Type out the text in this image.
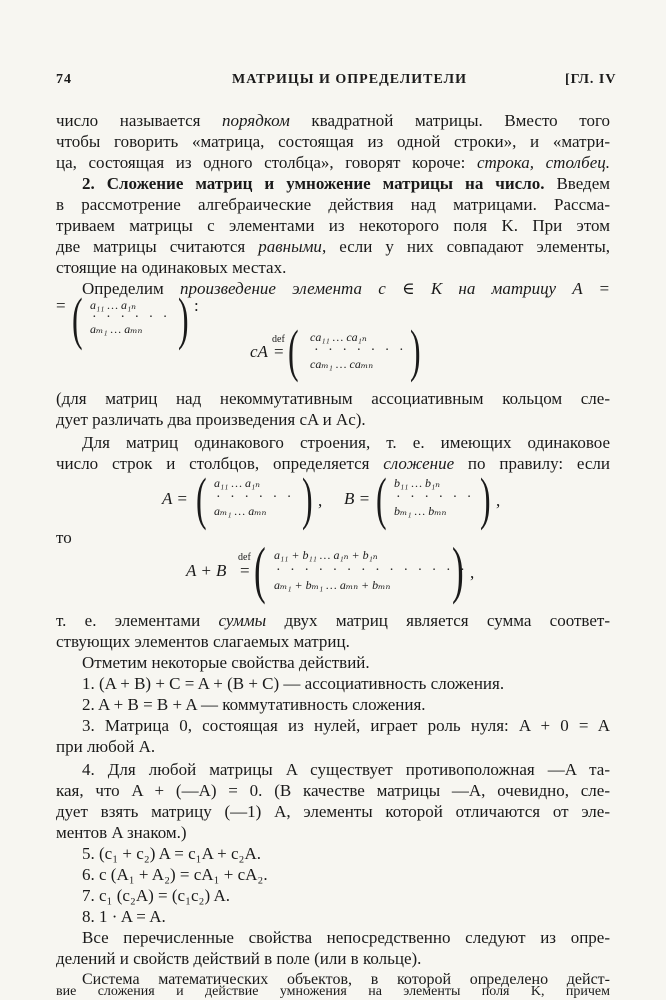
74	МАТРИЦЫ И ОПРЕДЕЛИТЕЛИ	[ГЛ. IV
число называется порядком квадратной матрицы. Вместо того
чтобы говорить «матрица, состоящая из одной строки», и «матри-
ца, состоящая из одного столбца», говорят короче: строка, столбец.
2. Сложение матриц и умножение матрицы на число. Введем
в рассмотрение алгебраические действия над матрицами. Рассма-
триваем матрицы с элементами из некоторого поля K. При этом
две матрицы считаются равными, если у них совпадают элементы,
стоящие на одинаковых местах.
Определим произведение элемента c ∈ K на матрицу A =
= ( a₁₁ … a₁ₙ
· · · · · ·
aₘ₁ … aₘₙ ) :
cA
def
= ( ca₁₁ … ca₁ₙ
· · · · · · ·
caₘ₁ … caₘₙ )
(для матриц над некоммутативным ассоциативным кольцом сле-
дует различать два произведения cA и Ac).
Для матриц одинакового строения, т. е. имеющих одинаковое
число строк и столбцов, определяется сложение по правилу: если
A = ( a₁₁ … a₁ₙ
· · · · · ·
aₘ₁ … aₘₙ ) , B = ( b₁₁ … b₁ₙ
· · · · · ·
bₘ₁ … bₘₙ ) ,
то
A + B
def
= ( a₁₁ + b₁₁ … a₁ₙ + b₁ₙ
· · · · · · · · · · · · · ·
aₘ₁ + bₘ₁ … aₘₙ + bₘₙ ) ,
т. е. элементами суммы двух матриц является сумма соответ-
ствующих элементов слагаемых матриц.
Отметим некоторые свойства действий.
1. (A + B) + C = A + (B + C) — ассоциативность сложения.
2. A + B = B + A — коммутативность сложения.
3. Матрица 0, состоящая из нулей, играет роль нуля: A + 0 = A
при любой A.
4. Для любой матрицы A существует противоположная —A та-
кая, что A + (—A) = 0. (В качестве матрицы —A, очевидно, сле-
дует взять матрицу (—1) A, элементы которой отличаются от эле-
ментов A знаком.)
5. (c₁ + c₂) A = c₁A + c₂A.
6. c (A₁ + A₂) = cA₁ + cA₂.
7. c₁ (c₂A) = (c₁c₂) A.
8. 1 · A = A.
Все перечисленные свойства непосредственно следуют из опре-
делений и свойств действий в поле (или в кольце).
Система математических объектов, в которой определено дейст-
вие сложения и действие умножения на элементы поля K, причем
